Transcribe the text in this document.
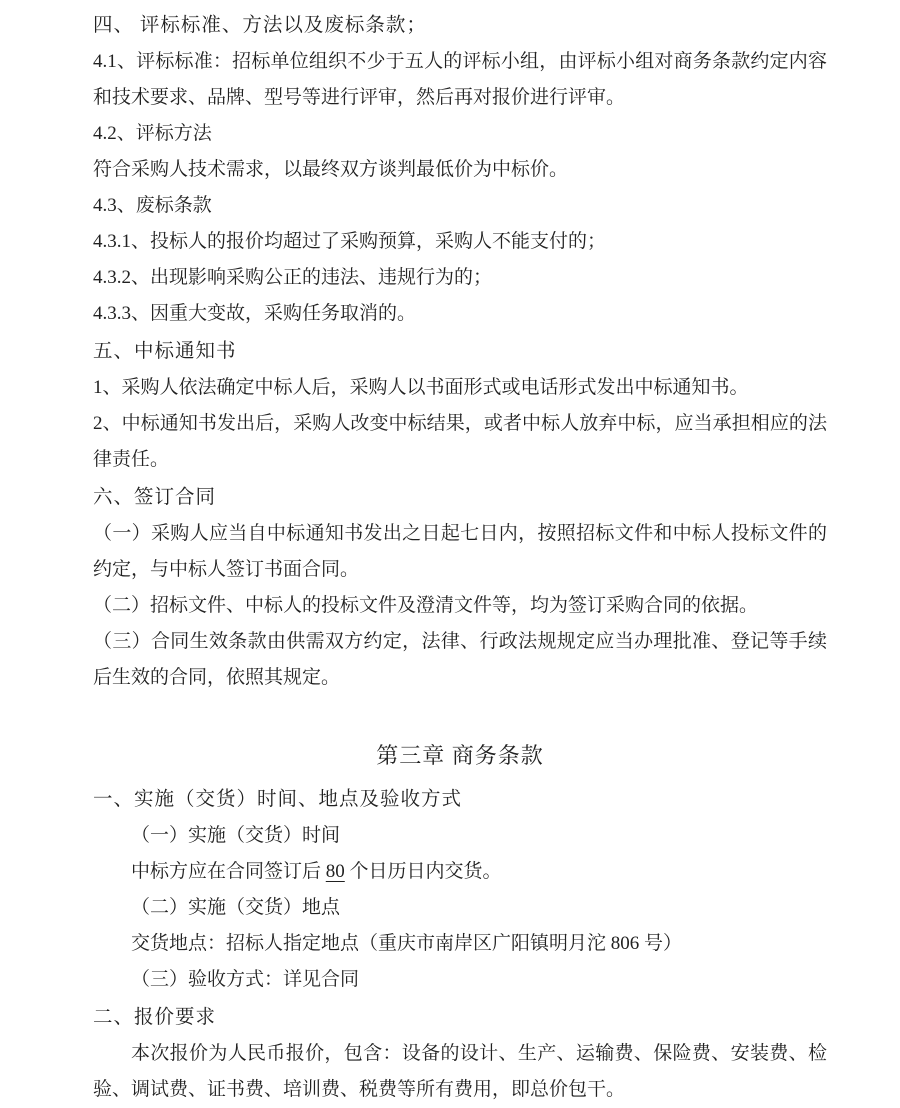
四、 评标标准、方法以及废标条款；

4.1、评标标准：招标单位组织不少于五人的评标小组，由评标小组对商务条款约定内容和技术要求、品牌、型号等进行评审，然后再对报价进行评审。

4.2、评标方法

符合采购人技术需求，以最终双方谈判最低价为中标价。

4.3、废标条款

4.3.1、投标人的报价均超过了采购预算，采购人不能支付的；

4.3.2、出现影响采购公正的违法、违规行为的；

4.3.3、因重大变故，采购任务取消的。

五、中标通知书

1、采购人依法确定中标人后，采购人以书面形式或电话形式发出中标通知书。

2、中标通知书发出后，采购人改变中标结果，或者中标人放弃中标，应当承担相应的法律责任。

六、签订合同

（一）采购人应当自中标通知书发出之日起七日内，按照招标文件和中标人投标文件的约定，与中标人签订书面合同。

（二）招标文件、中标人的投标文件及澄清文件等，均为签订采购合同的依据。

（三）合同生效条款由供需双方约定，法律、行政法规规定应当办理批准、登记等手续后生效的合同，依照其规定。

第三章 商务条款
一、实施（交货）时间、地点及验收方式

（一）实施（交货）时间

中标方应在合同签订后 80 个日历日内交货。

（二）实施（交货）地点

交货地点：招标人指定地点（重庆市南岸区广阳镇明月沱 806 号）

（三）验收方式：详见合同

二、报价要求

本次报价为人民币报价，包含：设备的设计、生产、运输费、保险费、安装费、检验、调试费、证书费、培训费、税费等所有费用，即总价包干。
